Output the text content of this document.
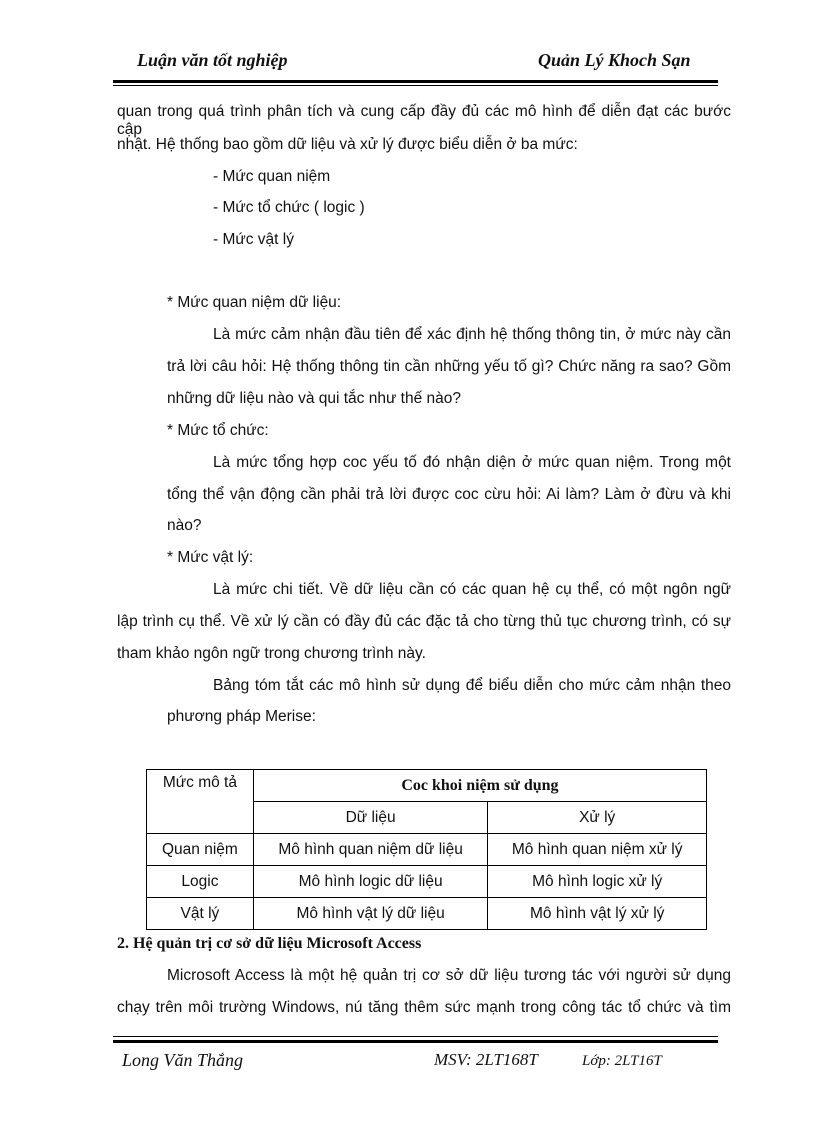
Luận văn tốt nghiệp	Quản Lý Khoch Sạn
quan trong quá trình phân tích và cung cấp đầy đủ các mô hình để diễn đạt các bước cập
nhật. Hệ thống bao gồm dữ liệu và xử lý được biểu diễn ở ba mức:
- Mức quan niệm
- Mức tổ chức ( logic )
- Mức vật lý
* Mức quan niệm dữ liệu:
Là mức cảm nhận đầu tiên để xác định hệ thống thông tin, ở mức này cần
trả lời câu hỏi: Hệ thống thông tin cần những yếu tố gì? Chức năng ra sao? Gồm
những dữ liệu nào và qui tắc như thế nào?
* Mức tổ chức:
Là mức tổng hợp coc yếu tố đó nhận diện ở mức quan niệm. Trong một
tổng thể vận động cần phải trả lời được coc cừu hỏi: Ai làm? Làm ở đừu và khi
nào?
* Mức vật lý:
Là mức chi tiết. Về dữ liệu cần có các quan hệ cụ thể, có một ngôn ngữ
lập trình cụ thể. Về xử lý cần có đầy đủ các đặc tả cho từng thủ tục chương trình, có sự
tham khảo ngôn ngữ trong chương trình này.
Bảng tóm tắt các mô hình sử dụng để biểu diễn cho mức cảm nhận theo
phương pháp Merise:
Mức mô tả	Coc khoi niệm sử dụng	
	Dữ liệu	Xử lý
Quan niệm	Mô hình quan niệm dữ liệu	Mô hình quan niệm xử lý
Logic	Mô hình logic dữ liệu	Mô hình logic xử lý
Vật lý	Mô hình vật lý dữ liệu	Mô hình vật lý xử lý
2. Hệ quản trị cơ sở dữ liệu Microsoft Access
Microsoft Access là một hệ quản trị cơ sở dữ liệu tương tác với người sử dụng
chạy trên môi trường Windows, nú tăng thêm sức mạnh trong công tác tổ chức và tìm
Long Văn Thắng	MSV: 2LT168T	Lớp: 2LT16T
